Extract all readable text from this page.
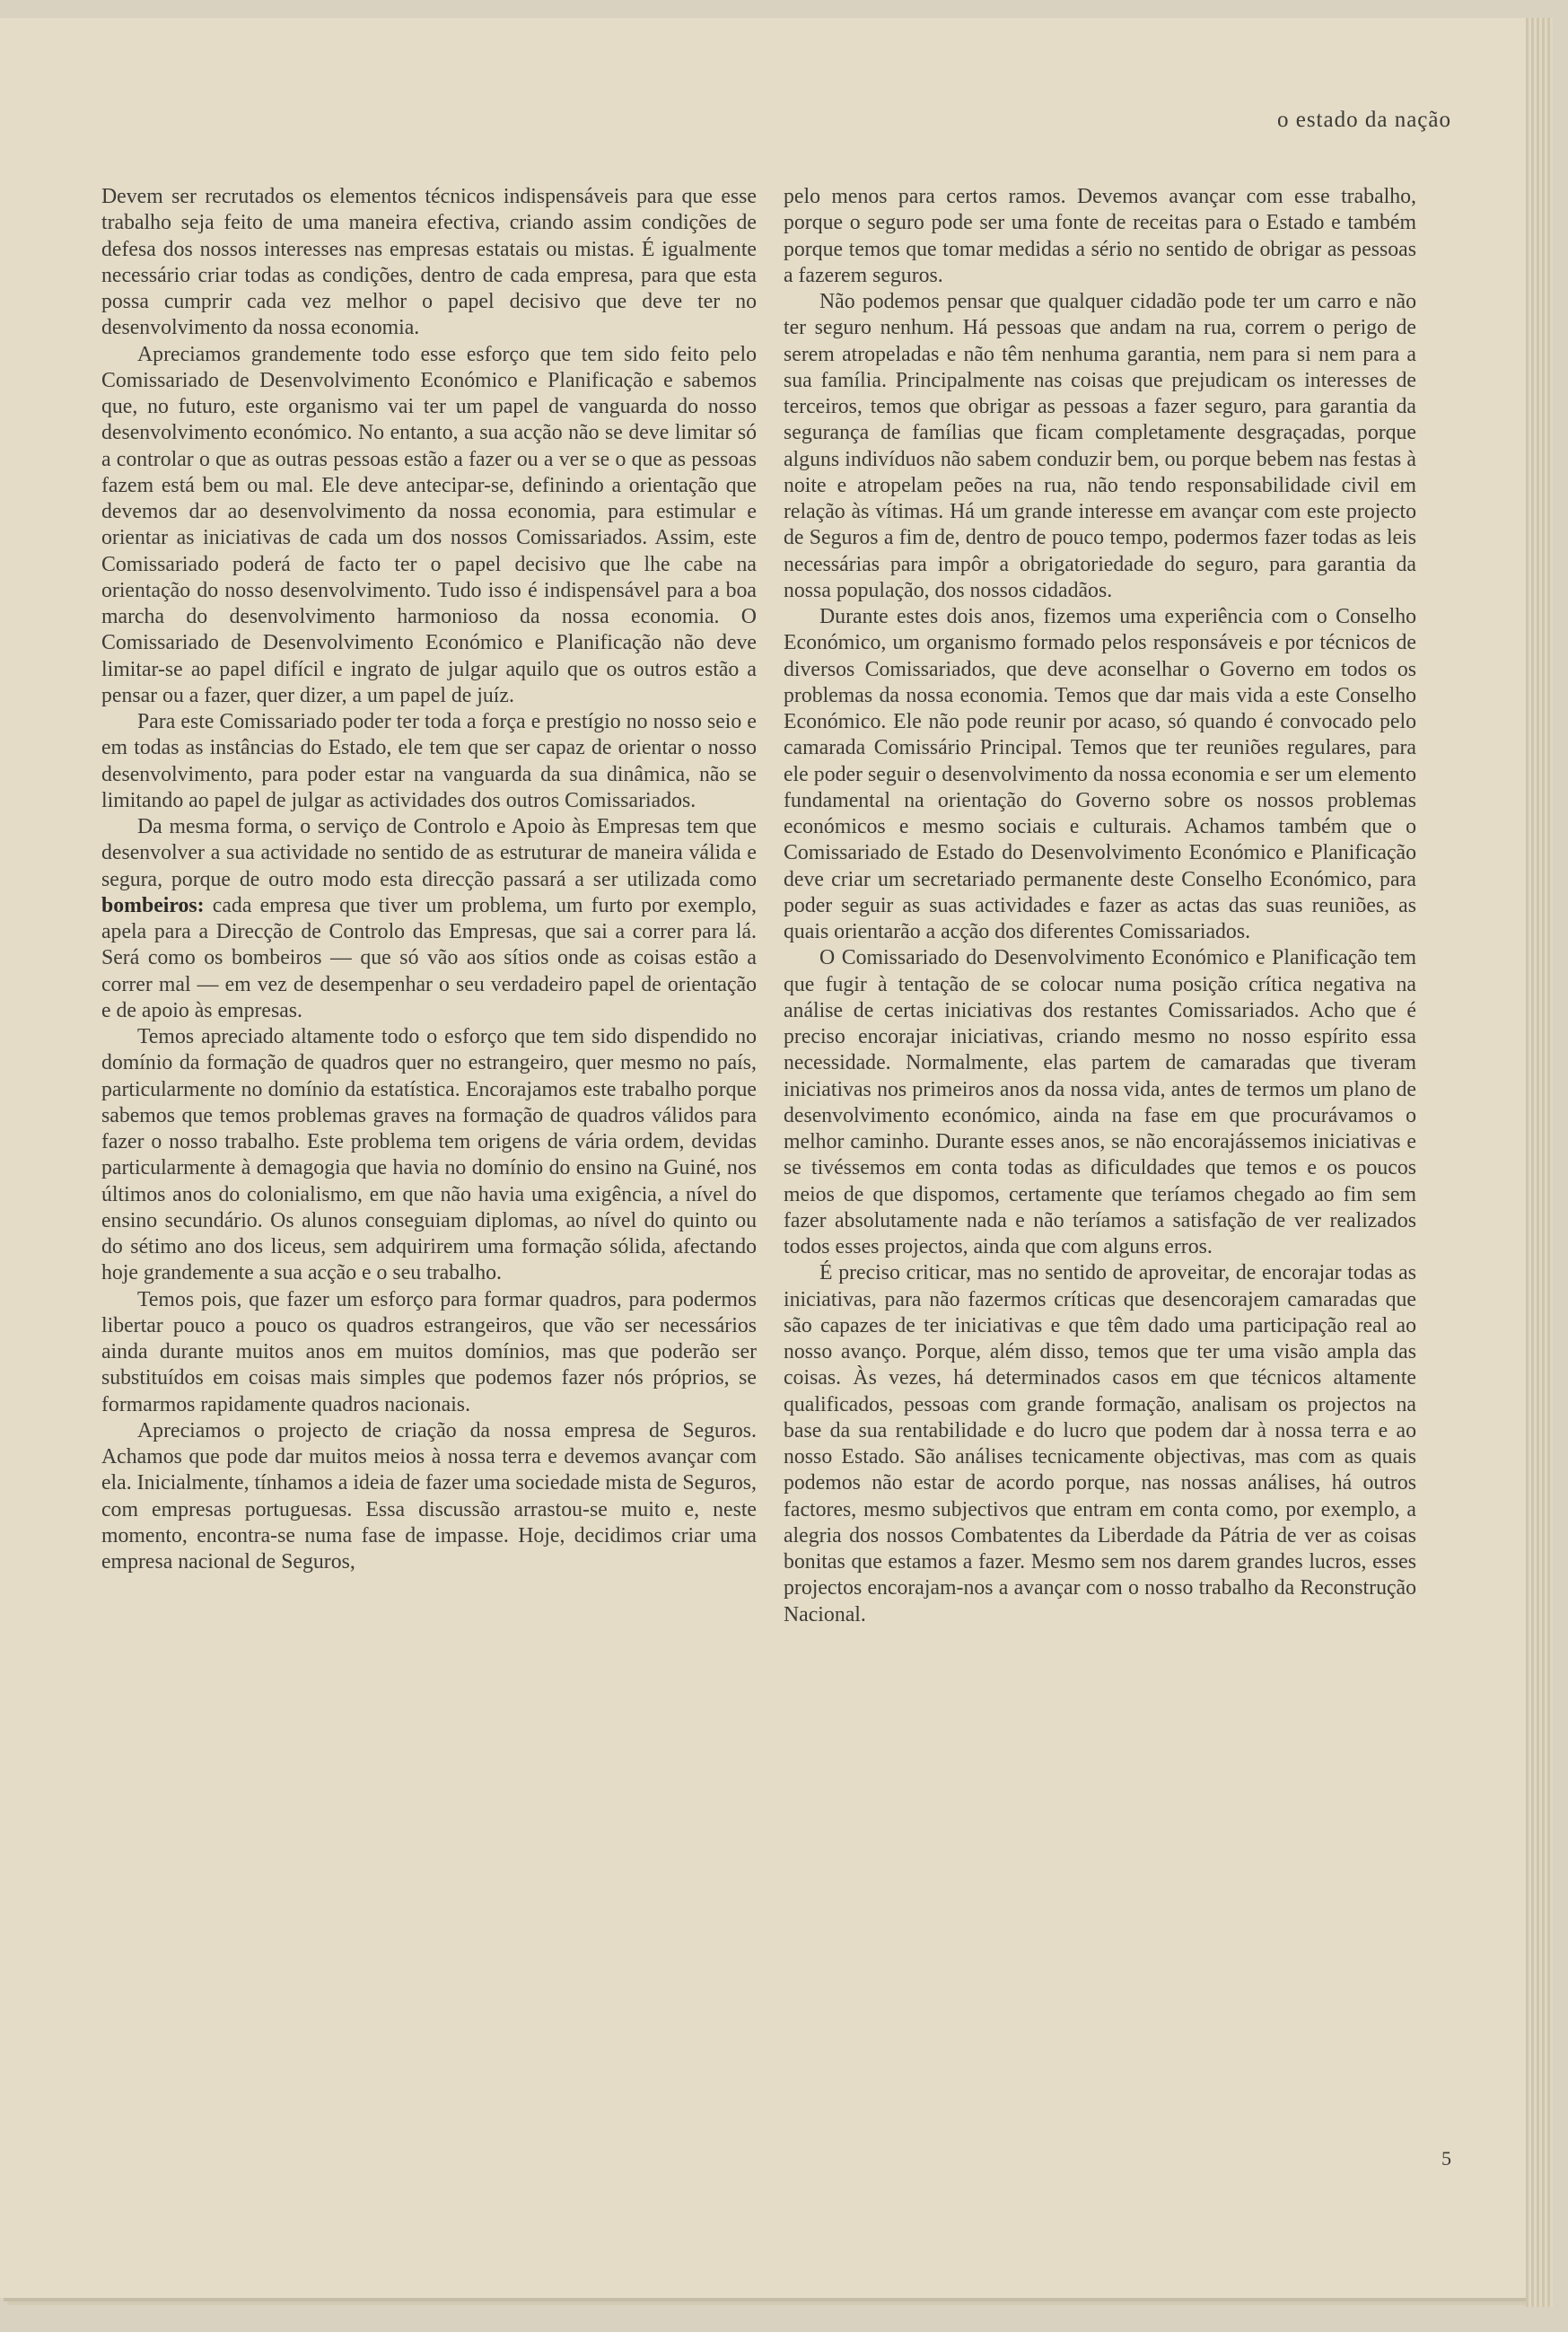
o estado da nação

Devem ser recrutados os elementos técnicos indispensáveis para que esse trabalho seja feito de uma maneira efectiva, criando assim condições de defesa dos nossos interesses nas empresas estatais ou mistas. É igualmente necessário criar todas as condições, dentro de cada empresa, para que esta possa cumprir cada vez melhor o papel decisivo que deve ter no desenvolvimento da nossa economia.

Apreciamos grandemente todo esse esforço que tem sido feito pelo Comissariado de Desenvolvimento Económico e Planificação e sabemos que, no futuro, este organismo vai ter um papel de vanguarda do nosso desenvolvimento económico. No entanto, a sua acção não se deve limitar só a controlar o que as outras pessoas estão a fazer ou a ver se o que as pessoas fazem está bem ou mal. Ele deve antecipar-se, definindo a orientação que devemos dar ao desenvolvimento da nossa economia, para estimular e orientar as iniciativas de cada um dos nossos Comissariados. Assim, este Comissariado poderá de facto ter o papel decisivo que lhe cabe na orientação do nosso desenvolvimento. Tudo isso é indispensável para a boa marcha do desenvolvimento harmonioso da nossa economia. O Comissariado de Desenvolvimento Económico e Planificação não deve limitar-se ao papel difícil e ingrato de julgar aquilo que os outros estão a pensar ou a fazer, quer dizer, a um papel de juíz.

Para este Comissariado poder ter toda a força e prestígio no nosso seio e em todas as instâncias do Estado, ele tem que ser capaz de orientar o nosso desenvolvimento, para poder estar na vanguarda da sua dinâmica, não se limitando ao papel de julgar as actividades dos outros Comissariados.

Da mesma forma, o serviço de Controlo e Apoio às Empresas tem que desenvolver a sua actividade no sentido de as estruturar de maneira válida e segura, porque de outro modo esta direcção passará a ser utilizada como bombeiros: cada empresa que tiver um problema, um furto por exemplo, apela para a Direcção de Controlo das Empresas, que sai a correr para lá. Será como os bombeiros — que só vão aos sítios onde as coisas estão a correr mal — em vez de desempenhar o seu verdadeiro papel de orientação e de apoio às empresas.

Temos apreciado altamente todo o esforço que tem sido dispendido no domínio da formação de quadros quer no estrangeiro, quer mesmo no país, particularmente no domínio da estatística. Encorajamos este trabalho porque sabemos que temos problemas graves na formação de quadros válidos para fazer o nosso trabalho. Este problema tem origens de vária ordem, devidas particularmente à demagogia que havia no domínio do ensino na Guiné, nos últimos anos do colonialismo, em que não havia uma exigência, a nível do ensino secundário. Os alunos conseguiam diplomas, ao nível do quinto ou do sétimo ano dos liceus, sem adquirirem uma formação sólida, afectando hoje grandemente a sua acção e o seu trabalho.

Temos pois, que fazer um esforço para formar quadros, para podermos libertar pouco a pouco os quadros estrangeiros, que vão ser necessários ainda durante muitos anos em muitos domínios, mas que poderão ser substituídos em coisas mais simples que podemos fazer nós próprios, se formarmos rapidamente quadros nacionais.

Apreciamos o projecto de criação da nossa empresa de Seguros. Achamos que pode dar muitos meios à nossa terra e devemos avançar com ela. Inicialmente, tínhamos a ideia de fazer uma sociedade mista de Seguros, com empresas portuguesas. Essa discussão arrastou-se muito e, neste momento, encontra-se numa fase de impasse. Hoje, decidimos criar uma empresa nacional de Seguros,

pelo menos para certos ramos. Devemos avançar com esse trabalho, porque o seguro pode ser uma fonte de receitas para o Estado e também porque temos que tomar medidas a sério no sentido de obrigar as pessoas a fazerem seguros.

Não podemos pensar que qualquer cidadão pode ter um carro e não ter seguro nenhum. Há pessoas que andam na rua, correm o perigo de serem atropeladas e não têm nenhuma garantia, nem para si nem para a sua família. Principalmente nas coisas que prejudicam os interesses de terceiros, temos que obrigar as pessoas a fazer seguro, para garantia da segurança de famílias que ficam completamente desgraçadas, porque alguns indivíduos não sabem conduzir bem, ou porque bebem nas festas à noite e atropelam peões na rua, não tendo responsabilidade civil em relação às vítimas. Há um grande interesse em avançar com este projecto de Seguros a fim de, dentro de pouco tempo, podermos fazer todas as leis necessárias para impôr a obrigatoriedade do seguro, para garantia da nossa população, dos nossos cidadãos.

Durante estes dois anos, fizemos uma experiência com o Conselho Económico, um organismo formado pelos responsáveis e por técnicos de diversos Comissariados, que deve aconselhar o Governo em todos os problemas da nossa economia. Temos que dar mais vida a este Conselho Económico. Ele não pode reunir por acaso, só quando é convocado pelo camarada Comissário Principal. Temos que ter reuniões regulares, para ele poder seguir o desenvolvimento da nossa economia e ser um elemento fundamental na orientação do Governo sobre os nossos problemas económicos e mesmo sociais e culturais. Achamos também que o Comissariado de Estado do Desenvolvimento Económico e Planificação deve criar um secretariado permanente deste Conselho Económico, para poder seguir as suas actividades e fazer as actas das suas reuniões, as quais orientarão a acção dos diferentes Comissariados.

O Comissariado do Desenvolvimento Económico e Planificação tem que fugir à tentação de se colocar numa posição crítica negativa na análise de certas iniciativas dos restantes Comissariados. Acho que é preciso encorajar iniciativas, criando mesmo no nosso espírito essa necessidade. Normalmente, elas partem de camaradas que tiveram iniciativas nos primeiros anos da nossa vida, antes de termos um plano de desenvolvimento económico, ainda na fase em que procurávamos o melhor caminho. Durante esses anos, se não encorajássemos iniciativas e se tivéssemos em conta todas as dificuldades que temos e os poucos meios de que dispomos, certamente que teríamos chegado ao fim sem fazer absolutamente nada e não teríamos a satisfação de ver realizados todos esses projectos, ainda que com alguns erros.

É preciso criticar, mas no sentido de aproveitar, de encorajar todas as iniciativas, para não fazermos críticas que desencorajem camaradas que são capazes de ter iniciativas e que têm dado uma participação real ao nosso avanço. Porque, além disso, temos que ter uma visão ampla das coisas. Às vezes, há determinados casos em que técnicos altamente qualificados, pessoas com grande formação, analisam os projectos na base da sua rentabilidade e do lucro que podem dar à nossa terra e ao nosso Estado. São análises tecnicamente objectivas, mas com as quais podemos não estar de acordo porque, nas nossas análises, há outros factores, mesmo subjectivos que entram em conta como, por exemplo, a alegria dos nossos Combatentes da Liberdade da Pátria de ver as coisas bonitas que estamos a fazer. Mesmo sem nos darem grandes lucros, esses projectos encorajam-nos a avançar com o nosso trabalho da Reconstrução Nacional.

5
